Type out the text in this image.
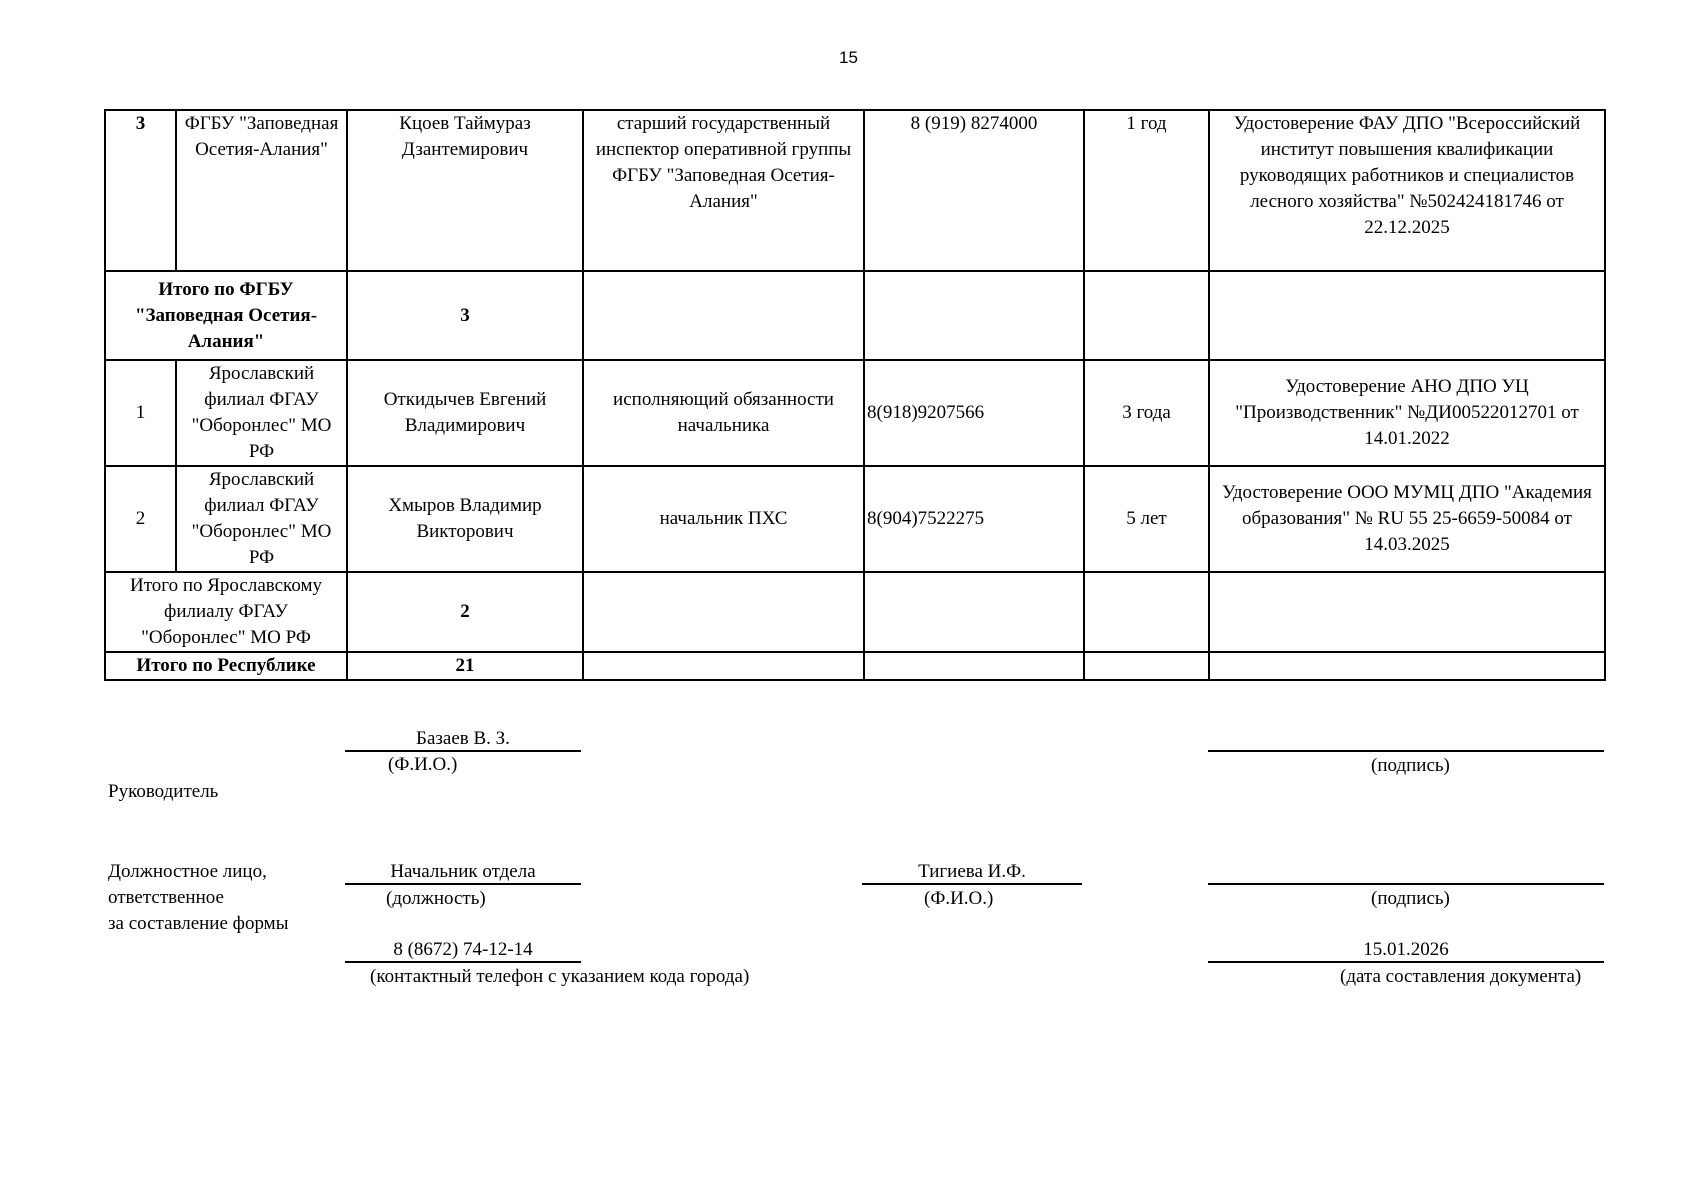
15
3	ФГБУ "Заповедная Осетия-Алания"	Кцоев Таймураз Дзантемирович	старший государственный инспектор оперативной группы ФГБУ "Заповедная Осетия-Алания"	8 (919) 8274000	1 год	Удостоверение ФАУ ДПО "Всероссийский институт повышения квалификации руководящих работников и специалистов лесного хозяйства" №502424181746 от 22.12.2025
Итого по ФГБУ "Заповедная Осетия-Алания"		3				
1	Ярославский филиал ФГАУ "Оборонлес" МО РФ	Откидычев Евгений Владимирович	исполняющий обязанности начальника	8(918)9207566	3 года	Удостоверение АНО ДПО УЦ "Производственник" №ДИ00522012701 от 14.01.2022
2	Ярославский филиал ФГАУ "Оборонлес" МО РФ	Хмыров Владимир Викторович	начальник ПХС	8(904)7522275	5 лет	Удостоверение ООО МУМЦ ДПО "Академия образования" № RU 55 25-6659-50084 от 14.03.2025
Итого по Ярославскому филиалу ФГАУ "Оборонлес" МО РФ		2				
Итого по Республике		21				
Базаев В. З.
(Ф.И.О.)	(подпись)
Руководитель
Должностное лицо,
ответственное
за составление формы
Начальник отдела
(должность)
Тигиева И.Ф.
(Ф.И.О.)	(подпись)
8 (8672) 74-12-14
(контактный телефон с указанием кода города)
15.01.2026
(дата составления документа)
